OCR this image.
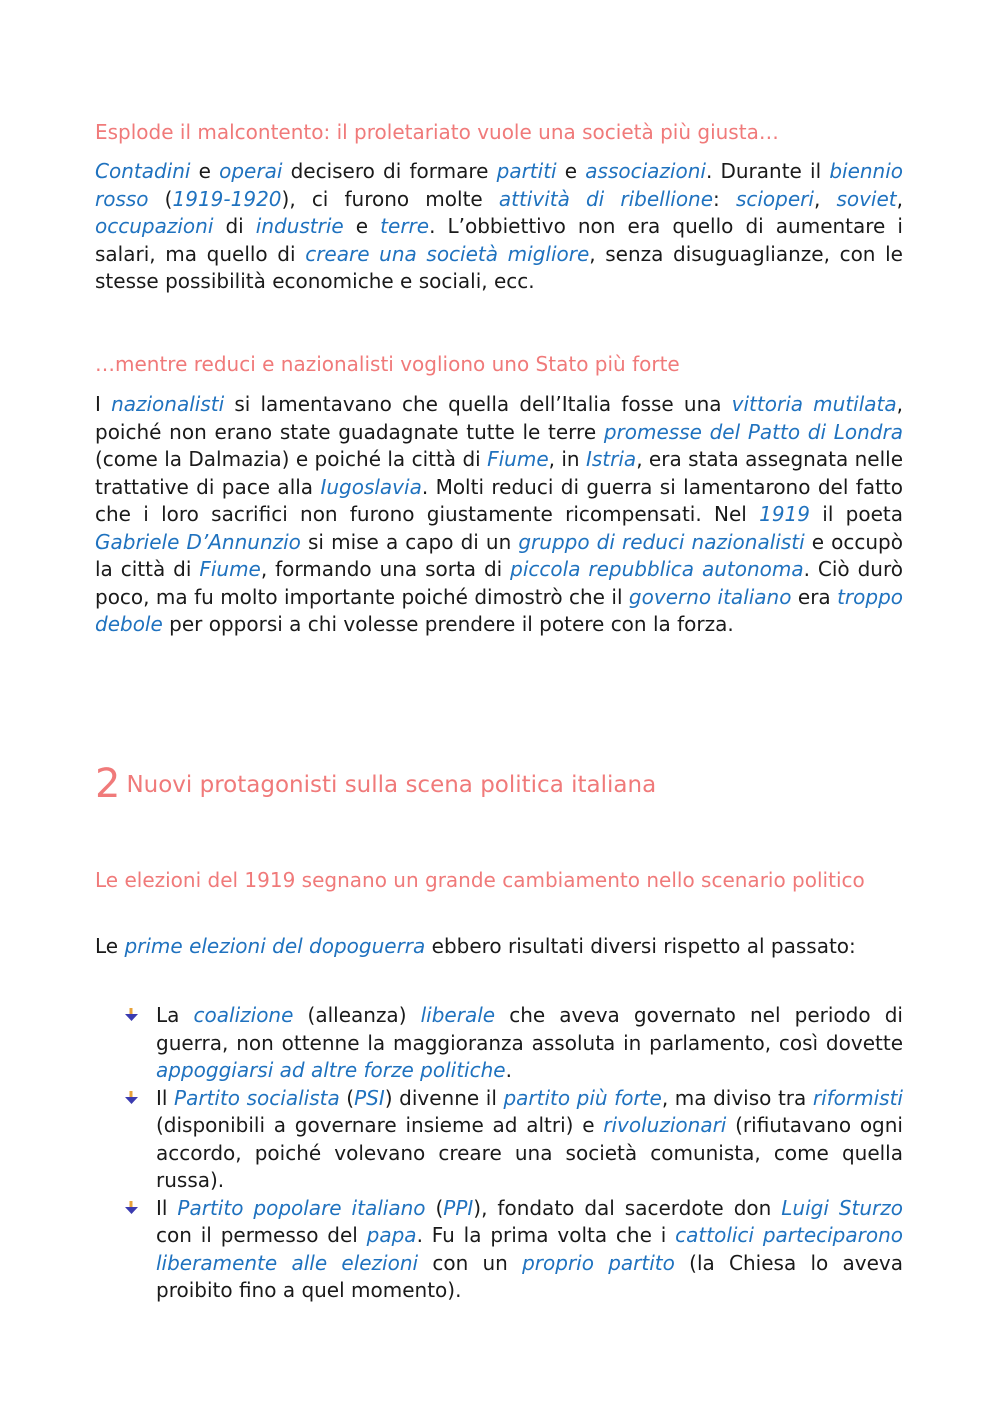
Esplode il malcontento: il proletariato vuole una società più giusta…
Contadini e operai decisero di formare partiti e associazioni. Durante il biennio rosso (1919-1920), ci furono molte attività di ribellione: scioperi, soviet, occupazioni di industrie e terre. L’obbiettivo non era quello di aumentare i salari, ma quello di creare una società migliore, senza disuguaglianze, con le stesse possibilità economiche e sociali, ecc.
…mentre reduci e nazionalisti vogliono uno Stato più forte
I nazionalisti si lamentavano che quella dell’Italia fosse una vittoria mutilata, poiché non erano state guadagnate tutte le terre promesse del Patto di Londra (come la Dalmazia) e poiché la città di Fiume, in Istria, era stata assegnata nelle trattative di pace alla Iugoslavia. Molti reduci di guerra si lamentarono del fatto che i loro sacrifici non furono giustamente ricompensati. Nel 1919 il poeta Gabriele D’Annunzio si mise a capo di un gruppo di reduci nazionalisti e occupò la città di Fiume, formando una sorta di piccola repubblica autonoma. Ciò durò poco, ma fu molto importante poiché dimostrò che il governo italiano era troppo debole per opporsi a chi volesse prendere il potere con la forza.
2 Nuovi protagonisti sulla scena politica italiana
Le elezioni del 1919 segnano un grande cambiamento nello scenario politico
Le prime elezioni del dopoguerra ebbero risultati diversi rispetto al passato:
La coalizione (alleanza) liberale che aveva governato nel periodo di guerra, non ottenne la maggioranza assoluta in parlamento, così dovette appoggiarsi ad altre forze politiche.
Il Partito socialista (PSI) divenne il partito più forte, ma diviso tra riformisti (disponibili a governare insieme ad altri) e rivoluzionari (rifiutavano ogni accordo, poiché volevano creare una società comunista, come quella russa).
Il Partito popolare italiano (PPI), fondato dal sacerdote don Luigi Sturzo con il permesso del papa. Fu la prima volta che i cattolici parteciparono liberamente alle elezioni con un proprio partito (la Chiesa lo aveva proibito fino a quel momento).
